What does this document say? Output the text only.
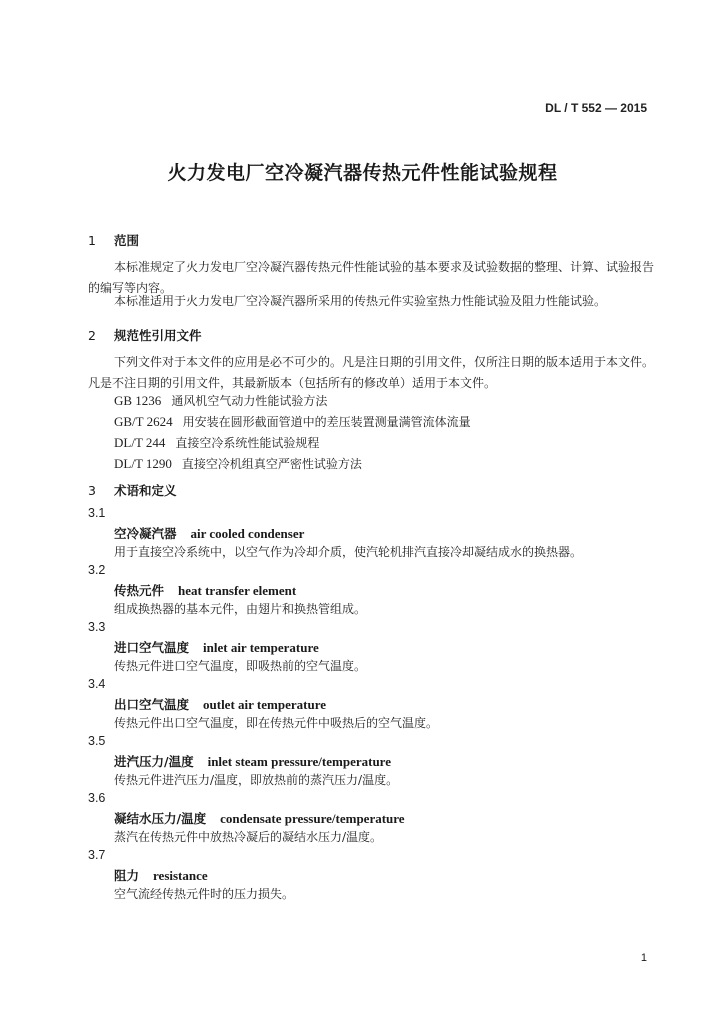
DL / T 552 — 2015
火力发电厂空冷凝汽器传热元件性能试验规程
1 范围
本标准规定了火力发电厂空冷凝汽器传热元件性能试验的基本要求及试验数据的整理、计算、试验报告的编写等内容。
本标准适用于火力发电厂空冷凝汽器所采用的传热元件实验室热力性能试验及阻力性能试验。
2 规范性引用文件
下列文件对于本文件的应用是必不可少的。凡是注日期的引用文件，仅所注日期的版本适用于本文件。凡是不注日期的引用文件，其最新版本（包括所有的修改单）适用于本文件。
GB 1236 通风机空气动力性能试验方法
GB/T 2624 用安装在圆形截面管道中的差压装置测量满管流体流量
DL/T 244 直接空冷系统性能试验规程
DL/T 1290 直接空冷机组真空严密性试验方法
3 术语和定义
3.1
空冷凝汽器 air cooled condenser
用于直接空冷系统中，以空气作为冷却介质，使汽轮机排汽直接冷却凝结成水的换热器。
3.2
传热元件 heat transfer element
组成换热器的基本元件，由翅片和换热管组成。
3.3
进口空气温度 inlet air temperature
传热元件进口空气温度，即吸热前的空气温度。
3.4
出口空气温度 outlet air temperature
传热元件出口空气温度，即在传热元件中吸热后的空气温度。
3.5
进汽压力/温度 inlet steam pressure/temperature
传热元件进汽压力/温度，即放热前的蒸汽压力/温度。
3.6
凝结水压力/温度 condensate pressure/temperature
蒸汽在传热元件中放热冷凝后的凝结水压力/温度。
3.7
阻力 resistance
空气流经传热元件时的压力损失。
1
